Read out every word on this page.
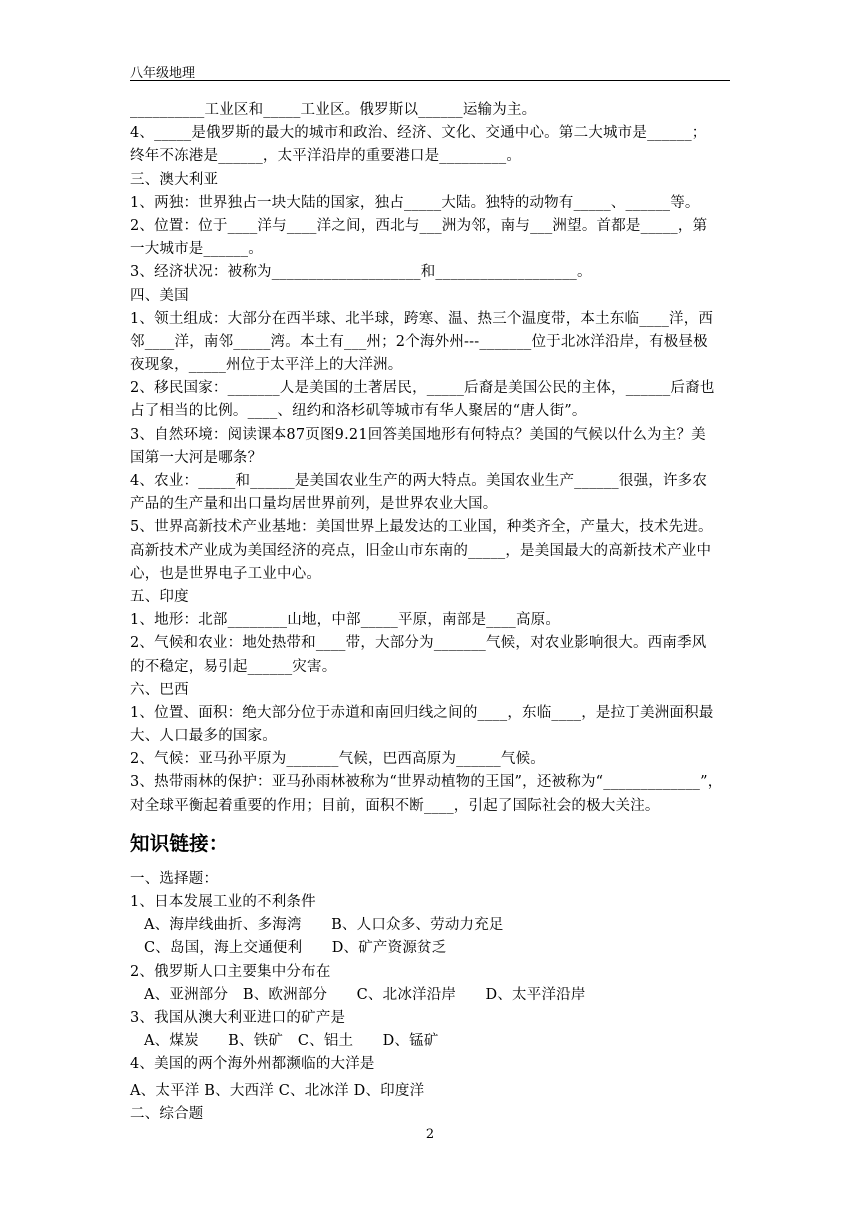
八年级地理
__________工业区和_____工业区。俄罗斯以______运输为主。
4、_____是俄罗斯的最大的城市和政治、经济、文化、交通中心。第二大城市是______；
终年不冻港是______，太平洋沿岸的重要港口是_________。
三、澳大利亚
1、两独：世界独占一块大陆的国家，独占_____大陆。独特的动物有_____、______等。
2、位置：位于____洋与____洋之间，西北与___洲为邻，南与___洲望。首都是_____，第
一大城市是______。
3、经济状况：被称为____________________和___________________。
四、美国
1、领土组成：大部分在西半球、北半球，跨寒、温、热三个温度带，本土东临____洋，西
邻____洋，南邻_____湾。本土有___州；2个海外州---_______位于北冰洋沿岸，有极昼极
夜现象，_____州位于太平洋上的大洋洲。
2、移民国家：_______人是美国的土著居民，_____后裔是美国公民的主体，______后裔也
占了相当的比例。____、纽约和洛杉矶等城市有华人聚居的“唐人街”。
3、自然环境：阅读课本87页图9.21回答美国地形有何特点？美国的气候以什么为主？美
国第一大河是哪条？
4、农业：_____和______是美国农业生产的两大特点。美国农业生产______很强，许多农
产品的生产量和出口量均居世界前列，是世界农业大国。
5、世界高新技术产业基地：美国世界上最发达的工业国，种类齐全，产量大，技术先进。
高新技术产业成为美国经济的亮点，旧金山市东南的_____，是美国最大的高新技术产业中
心，也是世界电子工业中心。
五、印度
1、地形：北部________山地，中部_____平原，南部是____高原。
2、气候和农业：地处热带和____带，大部分为_______气候，对农业影响很大。西南季风
的不稳定，易引起______灾害。
六、巴西
1、位置、面积：绝大部分位于赤道和南回归线之间的____，东临____，是拉丁美洲面积最
大、人口最多的国家。
2、气候：亚马孙平原为_______气候，巴西高原为______气候。
3、热带雨林的保护：亚马孙雨林被称为“世界动植物的王国”，还被称为“_____________”，
对全球平衡起着重要的作用；目前，面积不断____，引起了国际社会的极大关注。
知识链接：
一、选择题：
1、日本发展工业的不利条件
A、海岸线曲折、多海湾　　B、人口众多、劳动力充足
C、岛国，海上交通便利　　D、矿产资源贫乏
2、俄罗斯人口主要集中分布在
A、亚洲部分　B、欧洲部分　　C、北冰洋沿岸　　D、太平洋沿岸
3、我国从澳大利亚进口的矿产是
A、煤炭　　B、铁矿　C、铝土　　D、锰矿
4、美国的两个海外州都濒临的大洋是
A、太平洋 B、大西洋 C、北冰洋 D、印度洋
二、综合题
2
